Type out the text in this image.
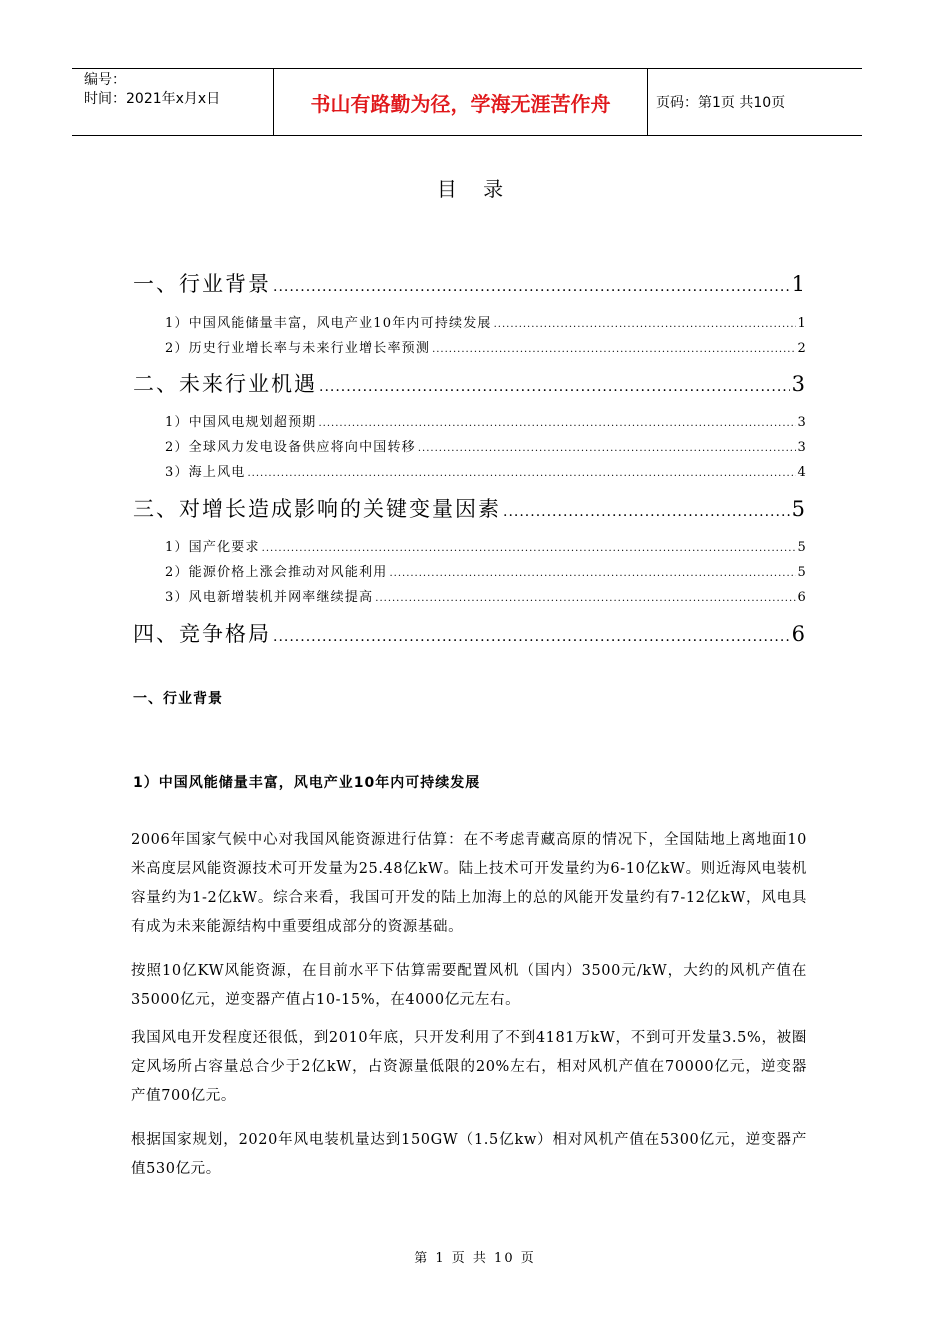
编号：
时间：2021年x月x日	书山有路勤为径，学海无涯苦作舟	页码：第1页 共10页
目 录
一、行业背景 .....	1
1）中国风能储量丰富，风电产业10年内可持续发展 .....	1
2）历史行业增长率与未来行业增长率预测 .....	2
二、未来行业机遇 .....	3
1）中国风电规划超预期 .....	3
2）全球风力发电设备供应将向中国转移 .....	3
3）海上风电 .....	4
三、对增长造成影响的关键变量因素 .....	5
1）国产化要求 .....	5
2）能源价格上涨会推动对风能利用 .....	5
3）风电新增装机并网率继续提高 .....	6
四、竞争格局 .....	6
一、行业背景
1）中国风能储量丰富，风电产业10年内可持续发展

2006年国家气候中心对我国风能资源进行估算：在不考虑青藏高原的情况下，全国陆地上离地面10米高度层风能资源技术可开发量为25.48亿kW。陆上技术可开发量约为6-10亿kW。则近海风电装机容量约为1-2亿kW。综合来看，我国可开发的陆上加海上的总的风能开发量约有7-12亿kW，风电具有成为未来能源结构中重要组成部分的资源基础。

按照10亿KW风能资源，在目前水平下估算需要配置风机（国内）3500元/kW，大约的风机产值在35000亿元，逆变器产值占10-15%，在4000亿元左右。

我国风电开发程度还很低，到2010年底，只开发利用了不到4181万kW，不到可开发量3.5%，被圈定风场所占容量总合少于2亿kW，占资源量低限的20%左右，相对风机产值在70000亿元，逆变器产值700亿元。

根据国家规划，2020年风电装机量达到150GW（1.5亿kw）相对风机产值在5300亿元，逆变器产值530亿元。

第 1 页 共 10 页
